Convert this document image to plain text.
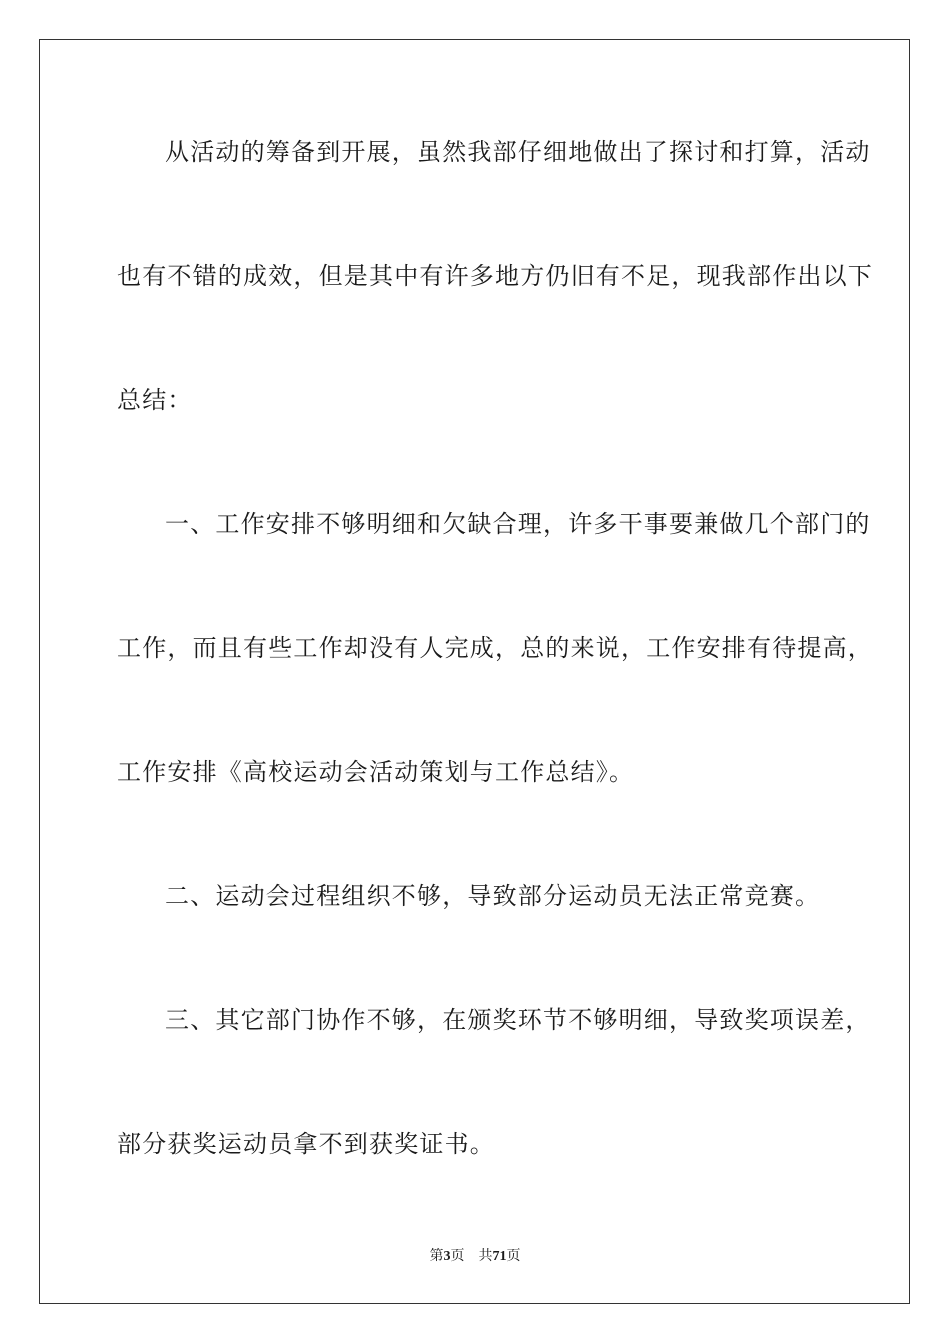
从活动的筹备到开展，虽然我部仔细地做出了探讨和打算，活动

也有不错的成效，但是其中有许多地方仍旧有不足，现我部作出以下

总结：

一、工作安排不够明细和欠缺合理，许多干事要兼做几个部门的

工作，而且有些工作却没有人完成，总的来说，工作安排有待提高，

工作安排《高校运动会活动策划与工作总结》。

二、运动会过程组织不够，导致部分运动员无法正常竞赛。

三、其它部门协作不够，在颁奖环节不够明细，导致奖项误差，

部分获奖运动员拿不到获奖证书。

第3页 共71页
